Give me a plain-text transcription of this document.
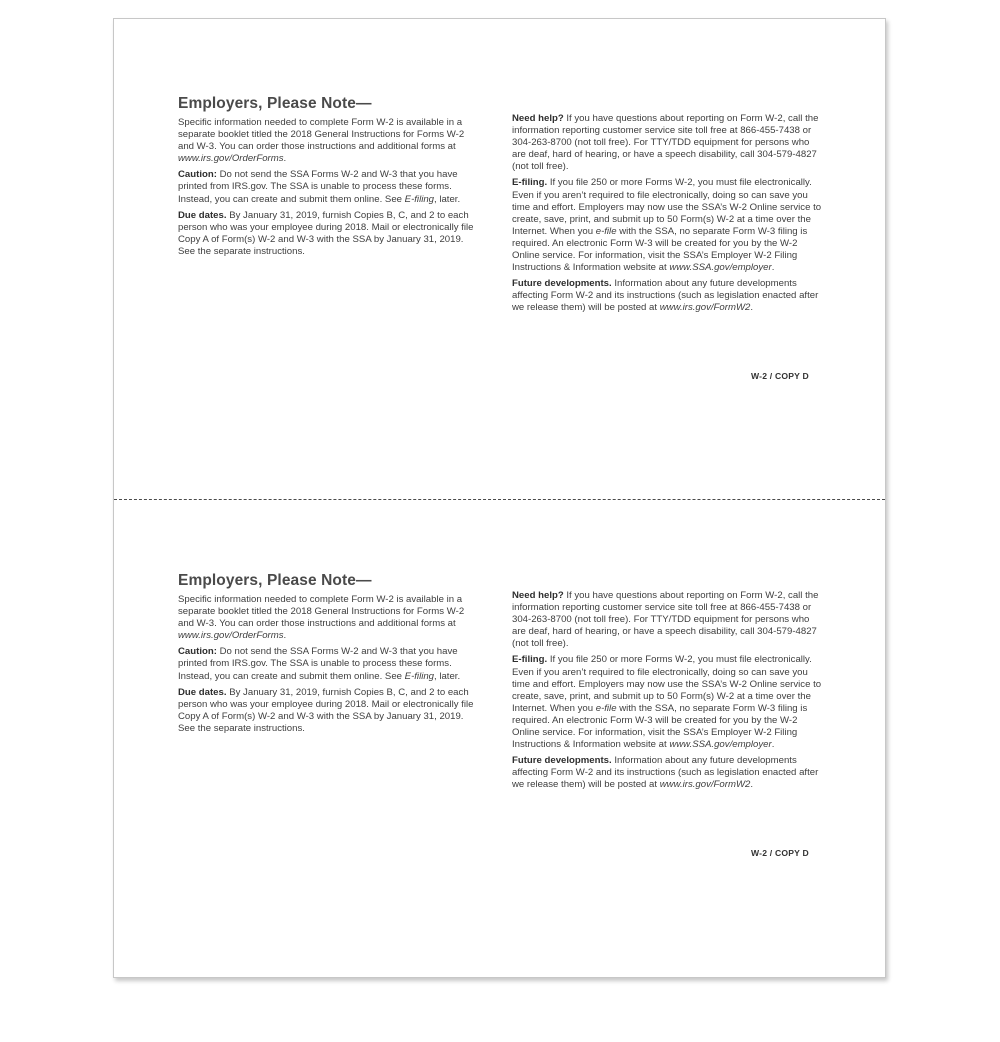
Employers, Please Note—

Specific information needed to complete Form W-2 is available in a separate booklet titled the 2018 General Instructions for Forms W-2 and W-3. You can order those instructions and additional forms at www.irs.gov/OrderForms.

Caution: Do not send the SSA Forms W-2 and W-3 that you have printed from IRS.gov. The SSA is unable to process these forms. Instead, you can create and submit them online. See E-filing, later.

Due dates. By January 31, 2019, furnish Copies B, C, and 2 to each person who was your employee during 2018. Mail or electronically file Copy A of Form(s) W-2 and W-3 with the SSA by January 31, 2019. See the separate instructions.

Need help? If you have questions about reporting on Form W-2, call the information reporting customer service site toll free at 866-455-7438 or 304-263-8700 (not toll free). For TTY/TDD equipment for persons who are deaf, hard of hearing, or have a speech disability, call 304-579-4827 (not toll free).

E-filing. If you file 250 or more Forms W-2, you must file electronically. Even if you aren’t required to file electronically, doing so can save you time and effort. Employers may now use the SSA’s W-2 Online service to create, save, print, and submit up to 50 Form(s) W-2 at a time over the Internet. When you e-file with the SSA, no separate Form W-3 filing is required. An electronic Form W-3 will be created for you by the W-2 Online service. For information, visit the SSA’s Employer W-2 Filing Instructions & Information website at www.SSA.gov/employer.

Future developments. Information about any future developments affecting Form W-2 and its instructions (such as legislation enacted after we release them) will be posted at www.irs.gov/FormW2.

W-2 / COPY D
Employers, Please Note—

Specific information needed to complete Form W-2 is available in a separate booklet titled the 2018 General Instructions for Forms W-2 and W-3. You can order those instructions and additional forms at www.irs.gov/OrderForms.

Caution: Do not send the SSA Forms W-2 and W-3 that you have printed from IRS.gov. The SSA is unable to process these forms. Instead, you can create and submit them online. See E-filing, later.

Due dates. By January 31, 2019, furnish Copies B, C, and 2 to each person who was your employee during 2018. Mail or electronically file Copy A of Form(s) W-2 and W-3 with the SSA by January 31, 2019. See the separate instructions.

Need help? If you have questions about reporting on Form W-2, call the information reporting customer service site toll free at 866-455-7438 or 304-263-8700 (not toll free). For TTY/TDD equipment for persons who are deaf, hard of hearing, or have a speech disability, call 304-579-4827 (not toll free).

E-filing. If you file 250 or more Forms W-2, you must file electronically. Even if you aren’t required to file electronically, doing so can save you time and effort. Employers may now use the SSA’s W-2 Online service to create, save, print, and submit up to 50 Form(s) W-2 at a time over the Internet. When you e-file with the SSA, no separate Form W-3 filing is required. An electronic Form W-3 will be created for you by the W-2 Online service. For information, visit the SSA’s Employer W-2 Filing Instructions & Information website at www.SSA.gov/employer.

Future developments. Information about any future developments affecting Form W-2 and its instructions (such as legislation enacted after we release them) will be posted at www.irs.gov/FormW2.

W-2 / COPY D
